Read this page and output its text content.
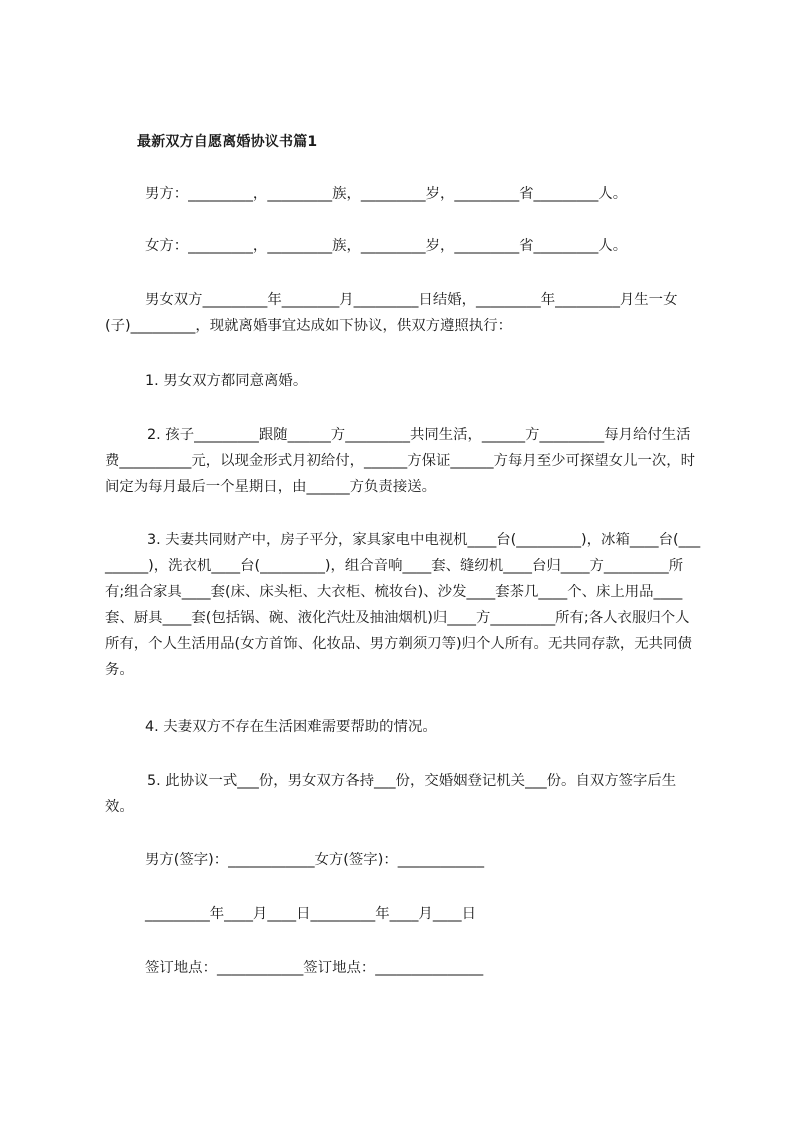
最新双方自愿离婚协议书篇1

男方：_________，_________族，_________岁，_________省_________人。

女方：_________，_________族，_________岁，_________省_________人。

男女双方_________年________月_________日结婚，_________年_________月生一女(子)_________，现就离婚事宜达成如下协议，供双方遵照执行：

1. 男女双方都同意离婚。

2. 孩子_________跟随______方_________共同生活，______方_________每月给付生活费__________元，以现金形式月初给付，______方保证______方每月至少可探望女儿一次，时间定为每月最后一个星期日，由______方负责接送。

3. 夫妻共同财产中，房子平分，家具家电中电视机____台(_________)，冰箱____台(_________)，洗衣机____台(_________)，组合音响____套、缝纫机____台归____方_________所有;组合家具____套(床、床头柜、大衣柜、梳妆台)、沙发____套茶几____个、床上用品____套、厨具____套(包括锅、碗、液化汽灶及抽油烟机)归____方_________所有;各人衣服归个人所有，个人生活用品(女方首饰、化妆品、男方剃须刀等)归个人所有。无共同存款，无共同债务。

4. 夫妻双方不存在生活困难需要帮助的情况。

5. 此协议一式___份，男女双方各持___份，交婚姻登记机关___份。自双方签字后生效。

男方(签字)：____________女方(签字)：____________

_________年____月____日_________年____月____日

签订地点：____________签订地点：_______________
